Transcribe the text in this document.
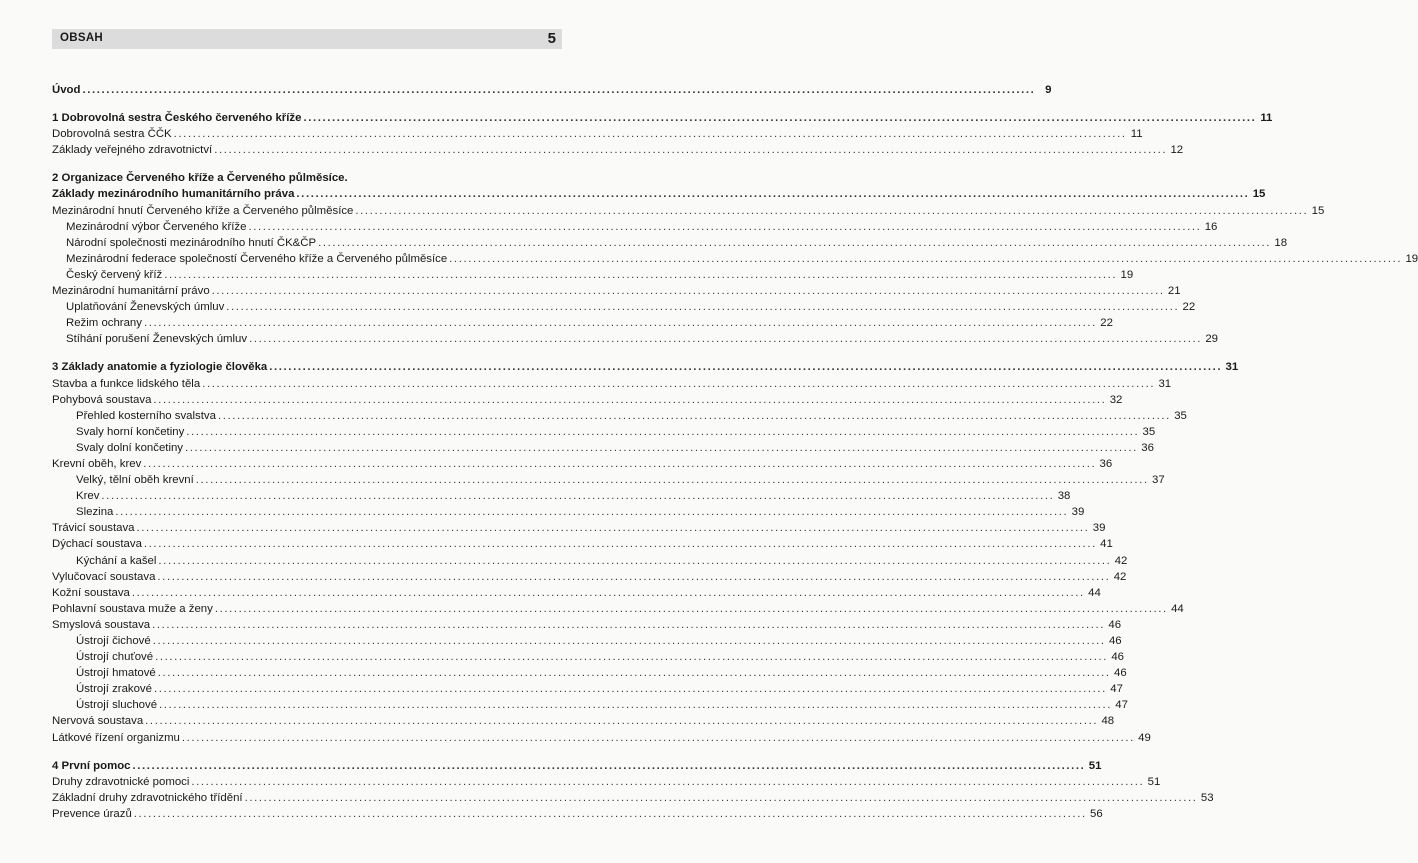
OBSAH	5
Úvod ........................................................................................................................................................................................................ 9
1 Dobrovolná sestra Českého červeného kříže ........................................................................................................................................................................................................ 11
Dobrovolná sestra ČČK ........................................................................................................................................................................................................ 11
Základy veřejného zdravotnictví ........................................................................................................................................................................................................ 12
2 Organizace Červeného kříže a Červeného půlměsíce.
Základy mezinárodního humanitárního práva ........................................................................................................................................................................................................ 15
Mezinárodní hnutí Červeného kříže a Červeného půlměsíce ........................................................................................................................................................................................................ 15
Mezinárodní výbor Červeného kříže ........................................................................................................................................................................................................ 16
Národní společnosti mezinárodního hnutí ČK&ČP ........................................................................................................................................................................................................ 18
Mezinárodní federace společností Červeného kříže a Červeného půlměsíce ........................................................................................................................................................................................................ 19
Český červený kříž ........................................................................................................................................................................................................ 19
Mezinárodní humanitární právo ........................................................................................................................................................................................................ 21
Uplatňování Ženevských úmluv ........................................................................................................................................................................................................ 22
Režim ochrany ........................................................................................................................................................................................................ 22
Stíhání porušení Ženevských úmluv ........................................................................................................................................................................................................ 29
3 Základy anatomie a fyziologie člověka ........................................................................................................................................................................................................ 31
Stavba a funkce lidského těla ........................................................................................................................................................................................................ 31
Pohybová soustava ........................................................................................................................................................................................................ 32
Přehled kosterního svalstva ........................................................................................................................................................................................................ 35
Svaly horní končetiny ........................................................................................................................................................................................................ 35
Svaly dolní končetiny ........................................................................................................................................................................................................ 36
Krevní oběh, krev ........................................................................................................................................................................................................ 36
Velký, tělní oběh krevní ........................................................................................................................................................................................................ 37
Krev ........................................................................................................................................................................................................ 38
Slezina ........................................................................................................................................................................................................ 39
Trávicí soustava ........................................................................................................................................................................................................ 39
Dýchací soustava ........................................................................................................................................................................................................ 41
Kýchání a kašel ........................................................................................................................................................................................................ 42
Vylučovací soustava ........................................................................................................................................................................................................ 42
Kožní soustava ........................................................................................................................................................................................................ 44
Pohlavní soustava muže a ženy ........................................................................................................................................................................................................ 44
Smyslová soustava ........................................................................................................................................................................................................ 46
Ústrojí čichové ........................................................................................................................................................................................................ 46
Ústrojí chuťové ........................................................................................................................................................................................................ 46
Ústrojí hmatové ........................................................................................................................................................................................................ 46
Ústrojí zrakové ........................................................................................................................................................................................................ 47
Ústrojí sluchové ........................................................................................................................................................................................................ 47
Nervová soustava ........................................................................................................................................................................................................ 48
Látkové řízení organizmu ........................................................................................................................................................................................................ 49
4 První pomoc ........................................................................................................................................................................................................ 51
Druhy zdravotnické pomoci ........................................................................................................................................................................................................ 51
Základní druhy zdravotnického třídění ........................................................................................................................................................................................................ 53
Prevence úrazů ........................................................................................................................................................................................................ 56
